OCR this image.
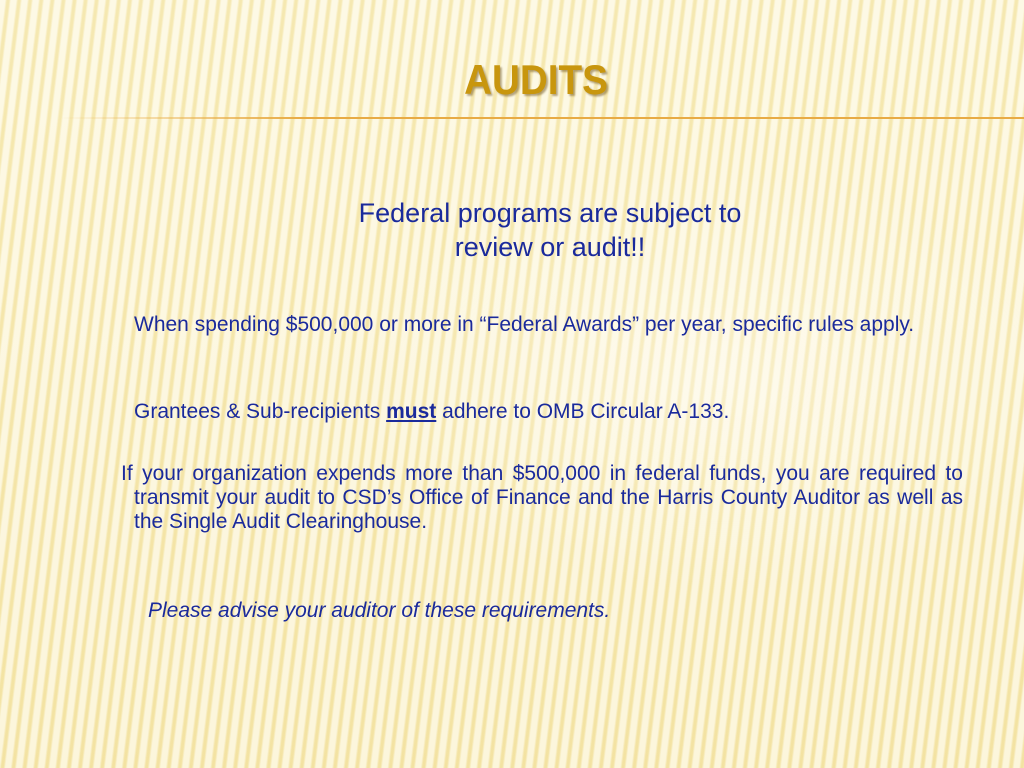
AUDITS
Federal programs are subject to
review or audit!!
When spending $500,000 or more in “Federal Awards” per year, specific rules apply.
Grantees & Sub-recipients must adhere to OMB Circular A-133.
If your organization expends more than $500,000 in federal funds, you are required to transmit your audit to CSD’s Office of Finance and the Harris County Auditor as well as the Single Audit Clearinghouse.
Please advise your auditor of these requirements.
